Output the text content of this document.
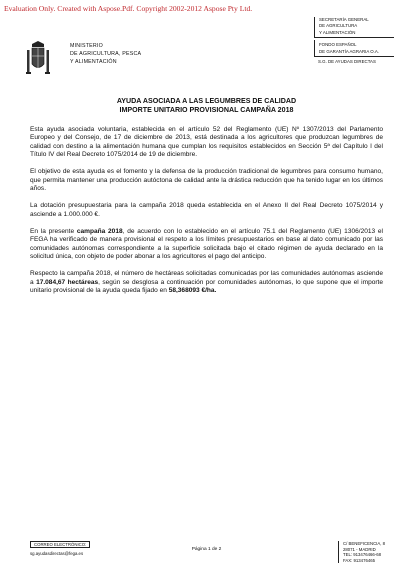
Evaluation Only. Created with Aspose.Pdf. Copyright 2002-2012 Aspose Pty Ltd.
MINISTERIO
DE AGRICULTURA, PESCA
Y ALIMENTACIÓN
SECRETARÍA GENERAL
DE AGRICULTURA
Y ALIMENTACIÓN
FONDO ESPAÑOL
DE GARANTÍA AGRARIA O.A.
S.G. DE AYUDAS DIRECTAS
AYUDA ASOCIADA A LAS LEGUMBRES DE CALIDAD
IMPORTE UNITARIO PROVISIONAL CAMPAÑA 2018

Esta ayuda asociada voluntaria, establecida en el artículo 52 del Reglamento (UE) Nº 1307/2013 del Parlamento Europeo y del Consejo, de 17 de diciembre de 2013, está destinada a los agricultores que produzcan legumbres de calidad con destino a la alimentación humana que cumplan los requisitos establecidos en Sección 5ª del Capítulo I del Título IV del Real Decreto 1075/2014 de 19 de diciembre.

El objetivo de esta ayuda es el fomento y la defensa de la producción tradicional de legumbres para consumo humano, que permita mantener una producción autóctona de calidad ante la drástica reducción que ha tenido lugar en los últimos años.

La dotación presupuestaria para la campaña 2018 queda establecida en el Anexo II del Real Decreto 1075/2014 y asciende a 1.000.000 €.

En la presente campaña 2018, de acuerdo con lo establecido en el artículo 75.1 del Reglamento (UE) 1306/2013 el FEGA ha verificado de manera provisional el respeto a los límites presupuestarios en base al dato comunicado por las comunidades autónomas correspondiente a la superficie solicitada bajo el citado régimen de ayuda declarado en la solicitud única, con objeto de poder abonar a los agricultores el pago del anticipo.

Respecto la campaña 2018, el número de hectáreas solicitadas comunicadas por las comunidades autónomas asciende a 17.084,67 hectáreas, según se desglosa a continuación por comunidades autónomas, lo que supone que el importe unitario provisional de la ayuda queda fijado en 58,368093 €/ha.

CORREO ELECTRÓNICO:
sg.ayudasdirectas@fega.es
Página 1 de 2
C/ BENEFICENCIA, 8
28071 - MADRID
TEL: 913476466-68
FAX: 913476465
